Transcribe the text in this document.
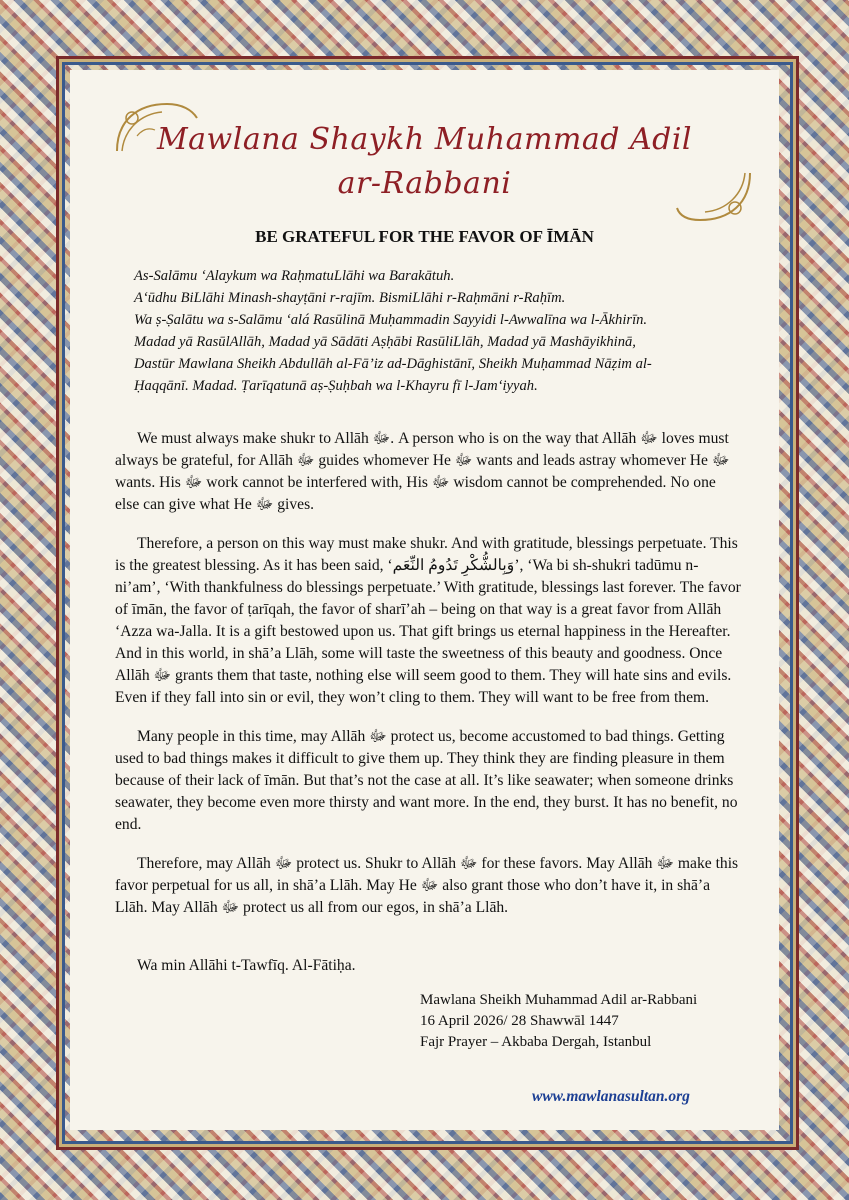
Mawlana Shaykh Muhammad Adil
ar-Rabbani
BE GRATEFUL FOR THE FAVOR OF ĪMĀN
As-Salāmu ‘Alaykum wa Raḥmatu​Llāhi wa Barakātuh.
A‘ūdhu BiLlāhi Minash-shayṭāni r-rajīm. BismiLlāhi r-Raḥmāni r-Raḥīm.
Wa ṣ-Ṣalātu wa s-Salāmu ‘alá Rasūlinā Muḥammadin Sayyidi l-Awwalīna wa l-Ākhirīn.
Madad yā RasūlAllāh, Madad yā Sādāti Aṣḥābi RasūliLlāh, Madad yā Mashāyikhinā,
Dastūr Mawlana Sheikh Abdullāh al-Fā’iz ad-Dāghistānī, Sheikh Muḥammad Nāẓim al-
Ḥaqqānī. Madad. Ṭarīqatunā aṣ-Ṣuḥbah wa l-Khayru fī l-Jam‘iyyah.

We must always make shukr to Allāh ﷻ. A person who is on the way that Allāh ﷻ loves must always be grateful, for Allāh ﷻ guides whomever He ﷻ wants and leads astray whomever He ﷻ wants. His ﷻ work cannot be interfered with, His ﷻ wisdom cannot be comprehended. No one else can give what He ﷻ gives.

Therefore, a person on this way must make shukr. And with gratitude, blessings perpetuate. This is the greatest blessing. As it has been said, ‘وَبِالشُّكْرِ تَدُومُ النِّعَم’, ‘Wa bi sh-shukri tadūmu n-ni’am’, ‘With thankfulness do blessings perpetuate.’ With gratitude, blessings last forever. The favor of īmān, the favor of ṭarīqah, the favor of sharī’ah – being on that way is a great favor from Allāh ‘Azza wa-Jalla. It is a gift bestowed upon us. That gift brings us eternal happiness in the Hereafter. And in this world, in shā’a Llāh, some will taste the sweetness of this beauty and goodness. Once Allāh ﷻ grants them that taste, nothing else will seem good to them. They will hate sins and evils. Even if they fall into sin or evil, they won’t cling to them. They will want to be free from them.

Many people in this time, may Allāh ﷻ protect us, become accustomed to bad things. Getting used to bad things makes it difficult to give them up. They think they are finding pleasure in them because of their lack of īmān. But that’s not the case at all. It’s like seawater; when someone drinks seawater, they become even more thirsty and want more. In the end, they burst. It has no benefit, no end.

Therefore, may Allāh ﷻ protect us. Shukr to Allāh ﷻ for these favors. May Allāh ﷻ make this favor perpetual for us all, in shā’a Llāh. May He ﷻ also grant those who don’t have it, in shā’a Llāh. May Allāh ﷻ protect us all from our egos, in shā’a Llāh.

Wa min Allāhi t-Tawfīq. Al-Fātiḥa.
Mawlana Sheikh Muhammad Adil ar-Rabbani
16 April 2026/ 28 Shawwāl 1447
Fajr Prayer – Akbaba Dergah, Istanbul
www.mawlanasultan.org
